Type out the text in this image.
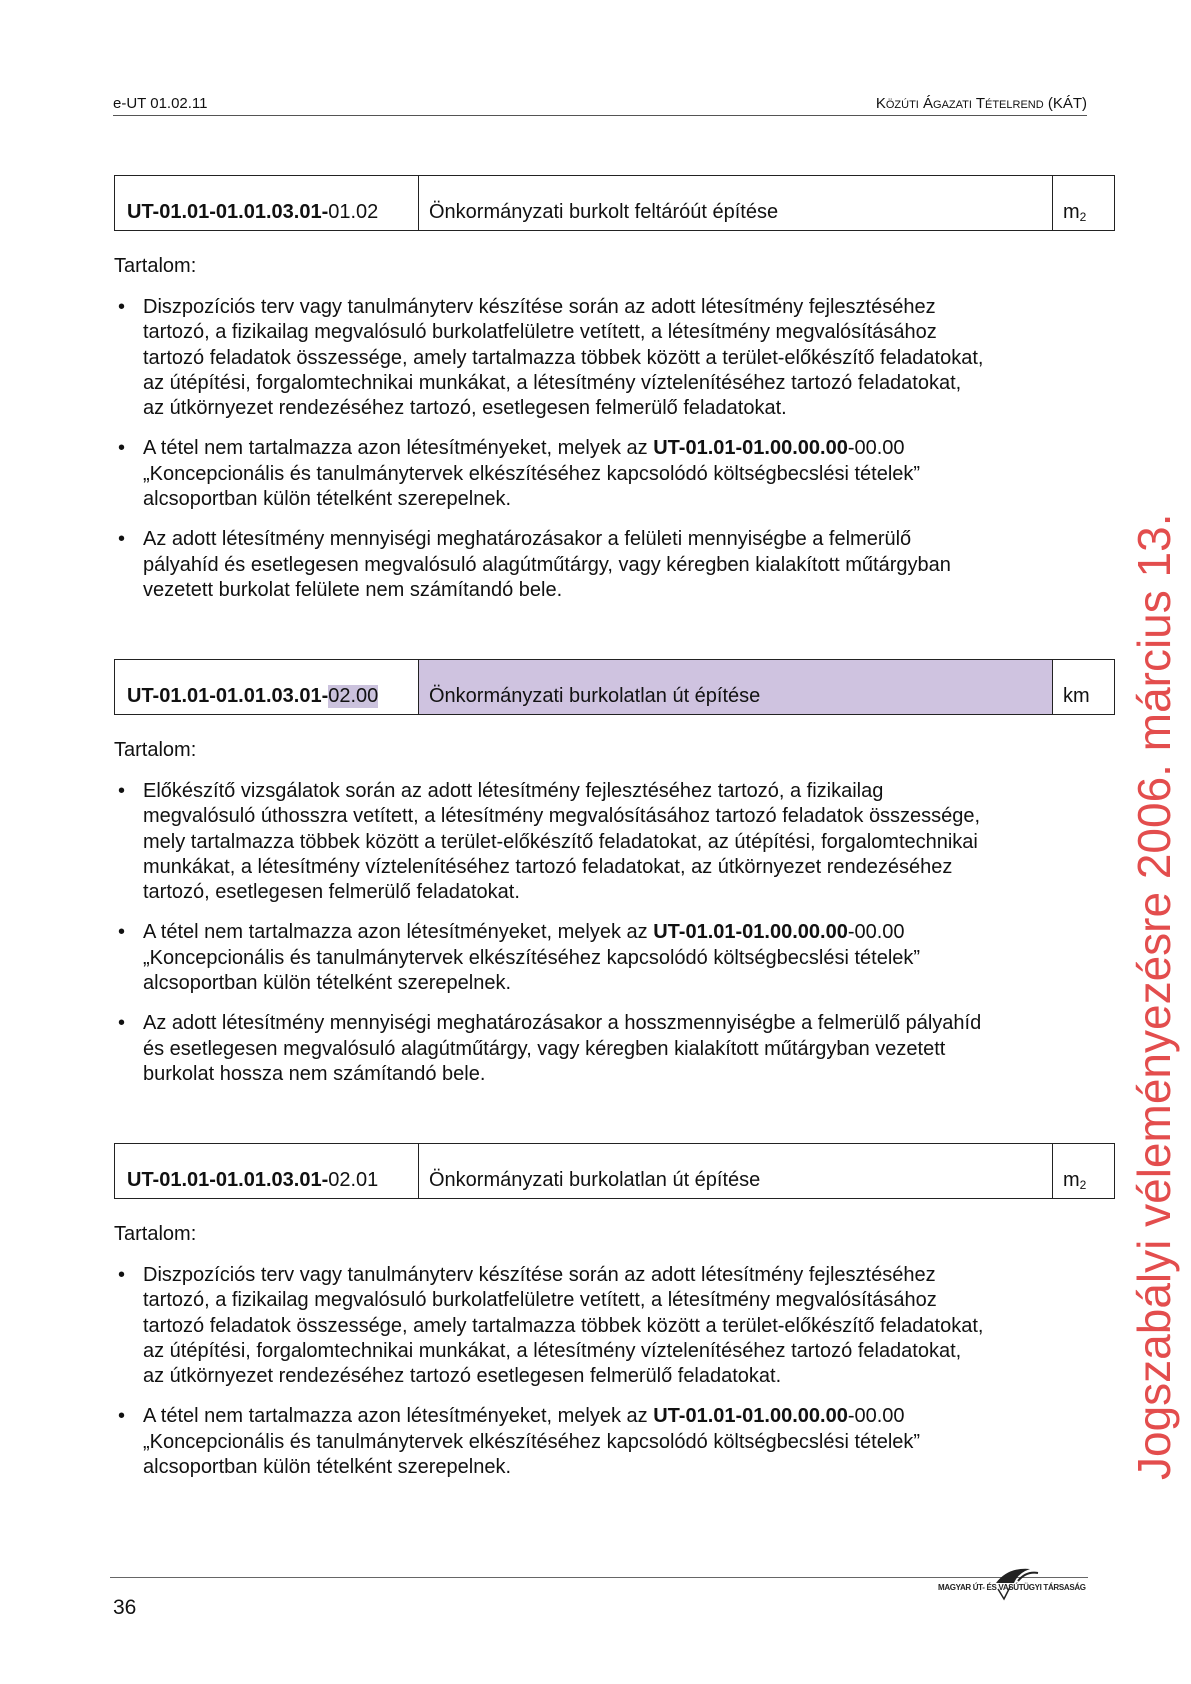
e-UT 01.02.11	Közúti Ágazati Tételrend (KÁT)
UT-01.01-01.01.03.01- 01.02	Önkormányzati burkolt feltáróút építése	$m_2$
Tartalom:
• Diszpozíciós terv vagy tanulmányterv készítése során az adott létesítmény fejlesztéséhez
tartozó, a fizikailag megvalósuló burkolatfelületre vetített, a létesítmény megvalósításához
tartozó feladatok összessége, amely tartalmazza többek között a terület-előkészítő feladatokat,
az útépítési, forgalomtechnikai munkákat, a létesítmény víztelenítéséhez tartozó feladatokat,
az útkörnyezet rendezéséhez tartozó, esetlegesen felmerülő feladatokat.
• A tétel nem tartalmazza azon létesítményeket, melyek az UT-01.01-01.00.00.00-00.00
„Koncepcionális és tanulmánytervek elkészítéséhez kapcsolódó költségbecslési tételek”
alcsoportban külön tételként szerepelnek.
• Az adott létesítmény mennyiségi meghatározásakor a felületi mennyiségbe a felmerülő
pályahíd és esetlegesen megvalósuló alagútműtárgy, vagy kéregben kialakított műtárgyban
vezetett burkolat felülete nem számítandó bele.
UT-01.01-01.01.03.01- 02.00	Önkormányzati burkolatlan út építése	km
Tartalom:
• Előkészítő vizsgálatok során az adott létesítmény fejlesztéséhez tartozó, a fizikailag
megvalósuló úthosszra vetített, a létesítmény megvalósításához tartozó feladatok összessége,
mely tartalmazza többek között a terület-előkészítő feladatokat, az útépítési, forgalomtechnikai
munkákat, a létesítmény víztelenítéséhez tartozó feladatokat, az útkörnyezet rendezéséhez
tartozó, esetlegesen felmerülő feladatokat.
• A tétel nem tartalmazza azon létesítményeket, melyek az UT-01.01-01.00.00.00-00.00
„Koncepcionális és tanulmánytervek elkészítéséhez kapcsolódó költségbecslési tételek”
alcsoportban külön tételként szerepelnek.
• Az adott létesítmény mennyiségi meghatározásakor a hosszmennyiségbe a felmerülő pályahíd
és esetlegesen megvalósuló alagútműtárgy, vagy kéregben kialakított műtárgyban vezetett
burkolat hossza nem számítandó bele.
UT-01.01-01.01.03.01- 02.01	Önkormányzati burkolatlan út építése	$m_2$
Tartalom:
• Diszpozíciós terv vagy tanulmányterv készítése során az adott létesítmény fejlesztéséhez
tartozó, a fizikailag megvalósuló burkolatfelületre vetített, a létesítmény megvalósításához
tartozó feladatok összessége, amely tartalmazza többek között a terület-előkészítő feladatokat,
az útépítési, forgalomtechnikai munkákat, a létesítmény víztelenítéséhez tartozó feladatokat,
az útkörnyezet rendezéséhez tartozó esetlegesen felmerülő feladatokat.
• A tétel nem tartalmazza azon létesítményeket, melyek az UT-01.01-01.00.00.00-00.00
„Koncepcionális és tanulmánytervek elkészítéséhez kapcsolódó költségbecslési tételek”
alcsoportban külön tételként szerepelnek.
36
MAGYAR ÚT- ÉS VASÚTÜGYI TÁRSASÁG
Jogszabályi véleményezésre 2006. március 13.
